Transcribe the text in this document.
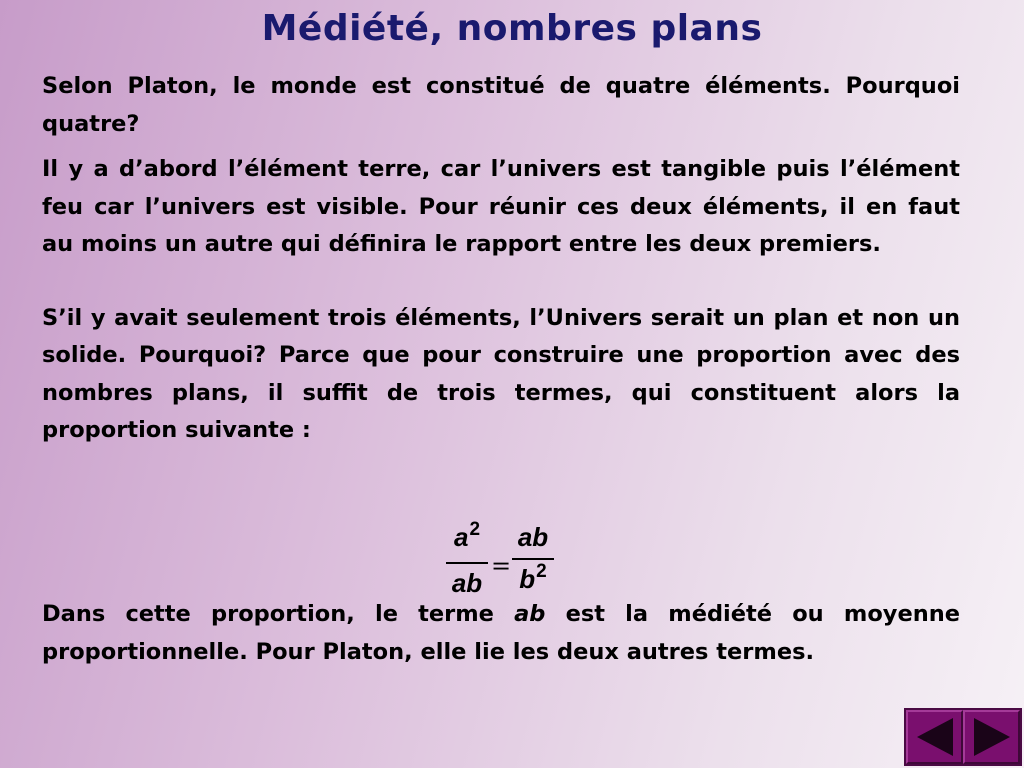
Médiété, nombres plans

Selon Platon, le monde est constitué de quatre éléments. Pourquoi quatre?

Il y a d’abord l’élément terre, car l’univers est tangible puis l’élément feu car l’univers est visible. Pour réunir ces deux éléments, il en faut au moins un autre qui définira le rapport entre les deux premiers.

S’il y avait seulement trois éléments, l’Univers serait un plan et non un solide. Pourquoi? Parce que pour construire une proportion avec des nombres plans, il suffit de trois termes, qui constituent alors la proportion suivante :

$a^2$
ab
=
ab
$b^2$

Dans cette proportion, le terme ab est la médiété ou moyenne proportionnelle. Pour Platon, elle lie les deux autres termes.
